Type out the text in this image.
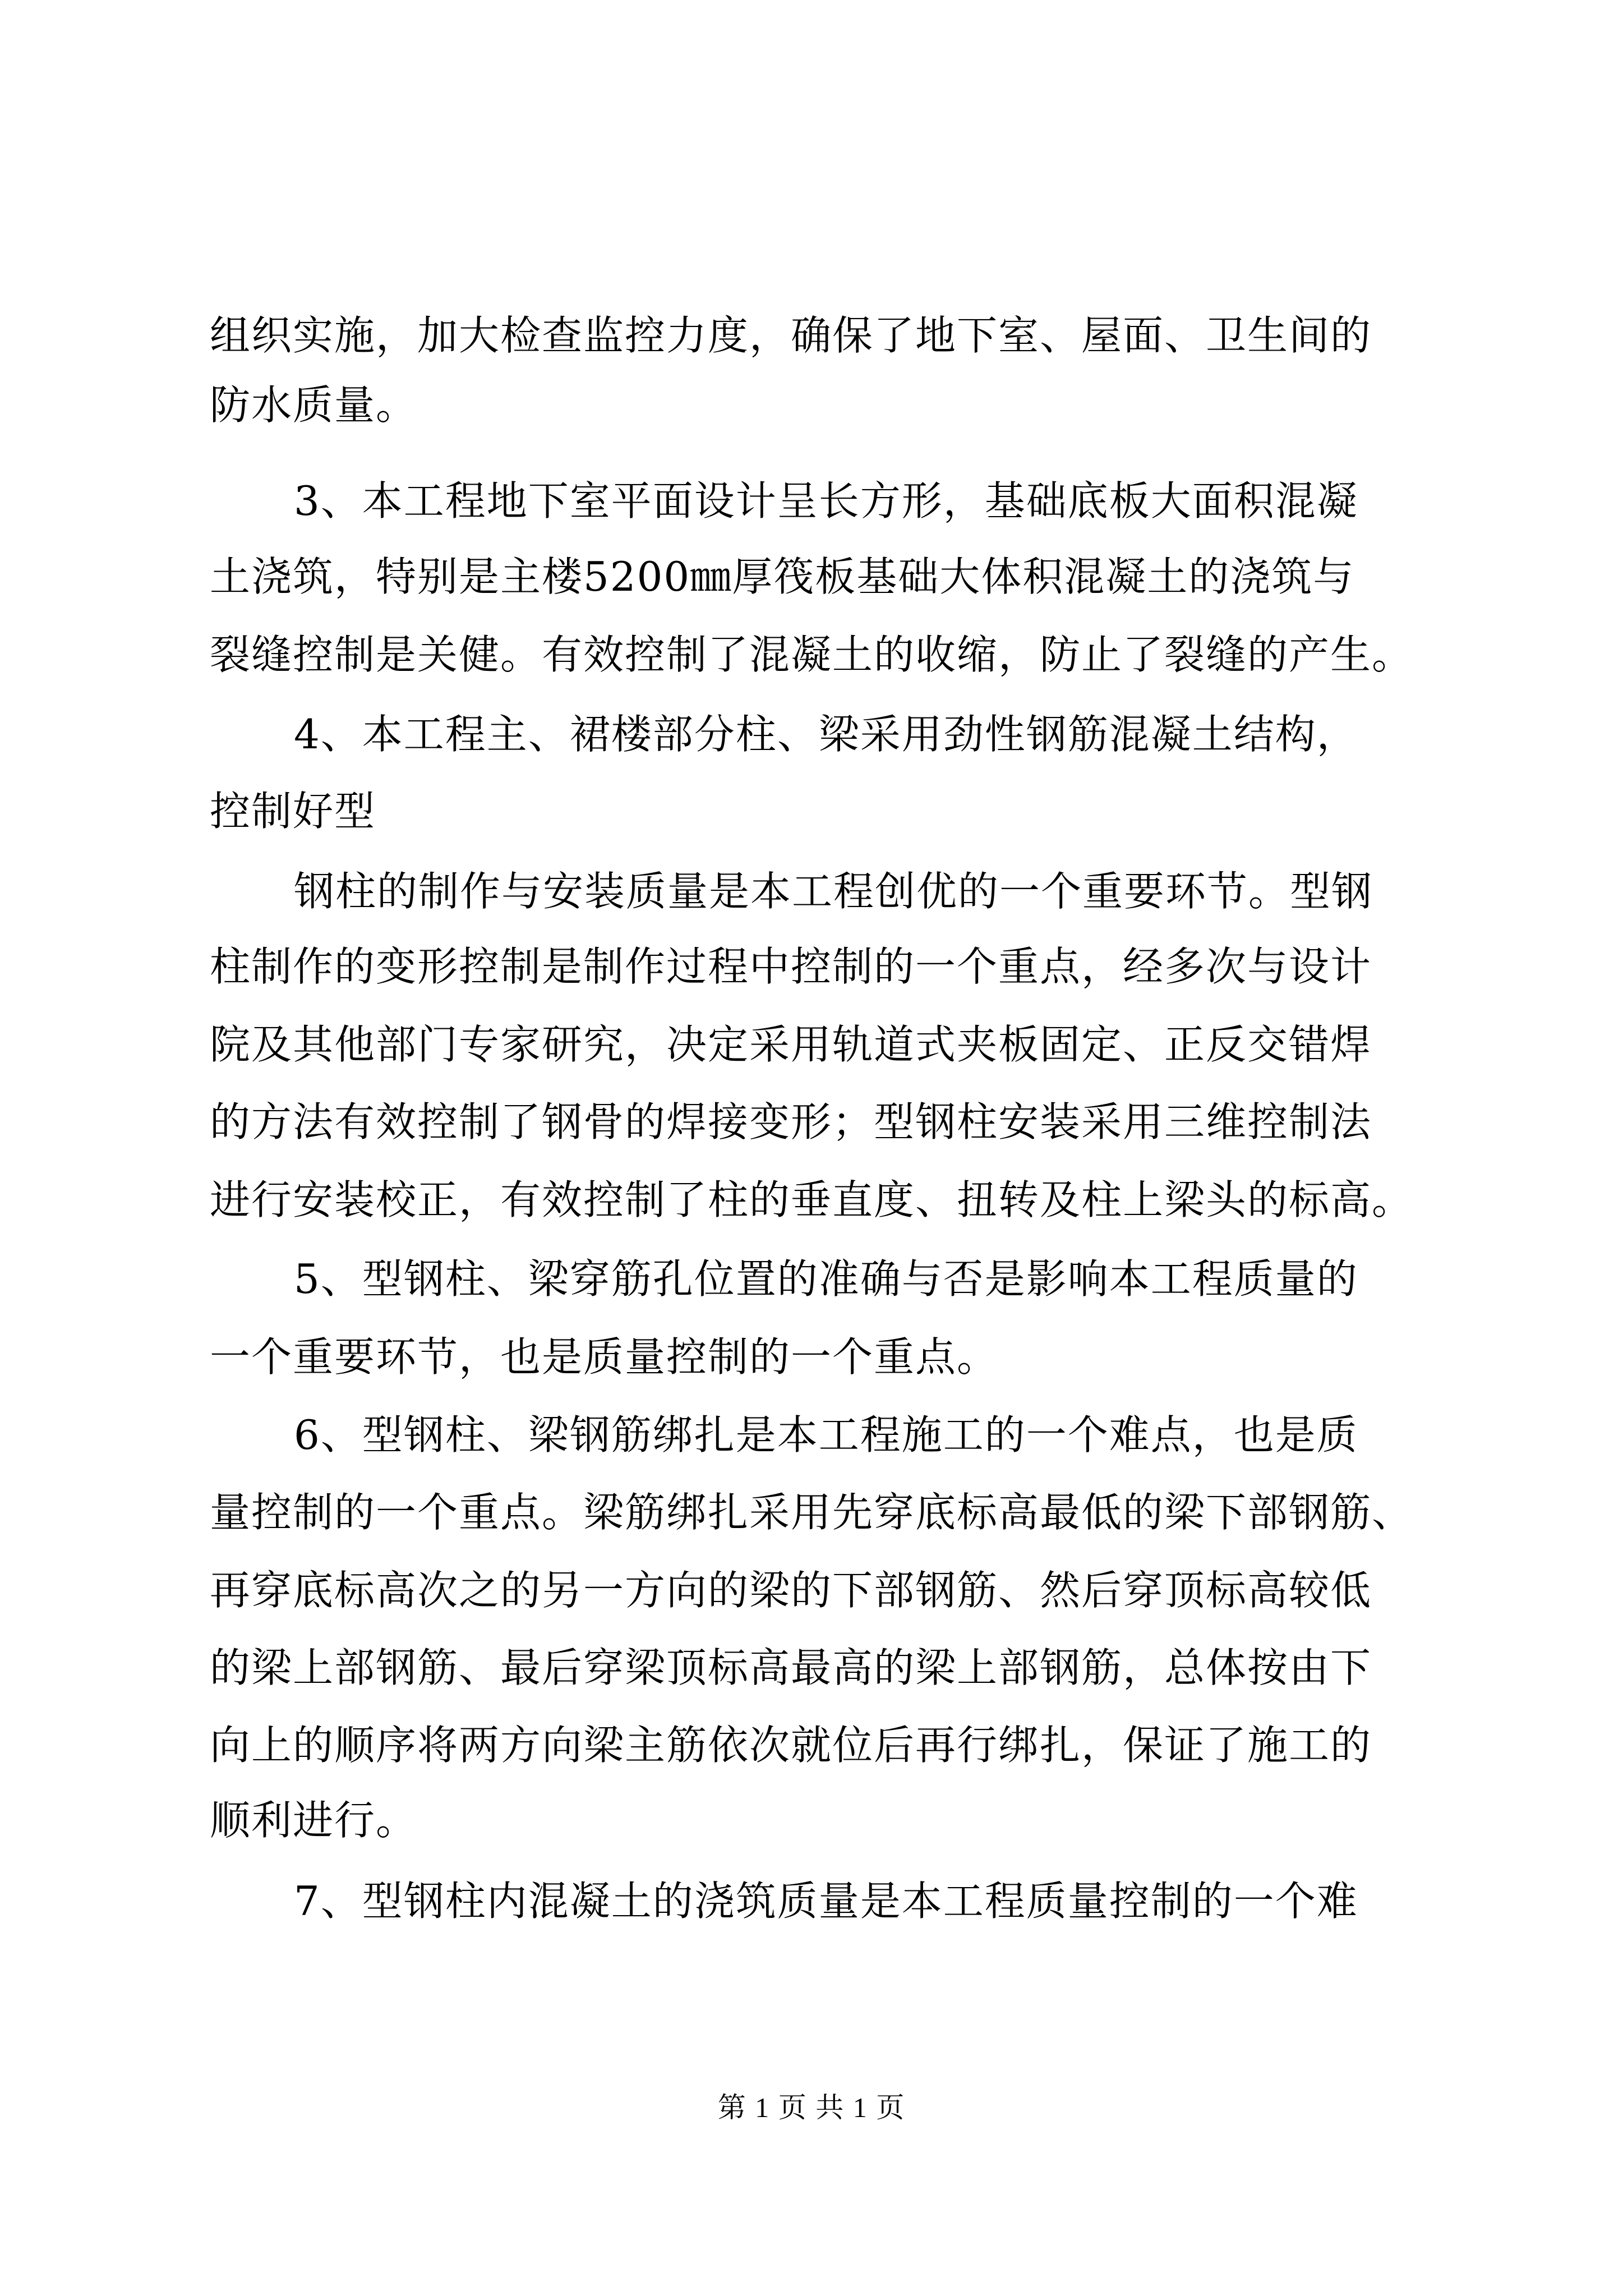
组织实施，加大检查监控力度，确保了地下室、屋面、卫生间的
防水质量。
3、本工程地下室平面设计呈长方形，基础底板大面积混凝
土浇筑，特别是主楼5200㎜厚筏板基础大体积混凝土的浇筑与
裂缝控制是关健。有效控制了混凝土的收缩，防止了裂缝的产生。
4、本工程主、裙楼部分柱、梁采用劲性钢筋混凝土结构，
控制好型
钢柱的制作与安装质量是本工程创优的一个重要环节。型钢
柱制作的变形控制是制作过程中控制的一个重点，经多次与设计
院及其他部门专家研究，决定采用轨道式夹板固定、正反交错焊
的方法有效控制了钢骨的焊接变形；型钢柱安装采用三维控制法
进行安装校正，有效控制了柱的垂直度、扭转及柱上梁头的标高。
5、型钢柱、梁穿筋孔位置的准确与否是影响本工程质量的
一个重要环节，也是质量控制的一个重点。
6、型钢柱、梁钢筋绑扎是本工程施工的一个难点，也是质
量控制的一个重点。梁筋绑扎采用先穿底标高最低的梁下部钢筋、
再穿底标高次之的另一方向的梁的下部钢筋、然后穿顶标高较低
的梁上部钢筋、最后穿梁顶标高最高的梁上部钢筋，总体按由下
向上的顺序将两方向梁主筋依次就位后再行绑扎，保证了施工的
顺利进行。
7、型钢柱内混凝土的浇筑质量是本工程质量控制的一个难
第 1 页 共 1 页
